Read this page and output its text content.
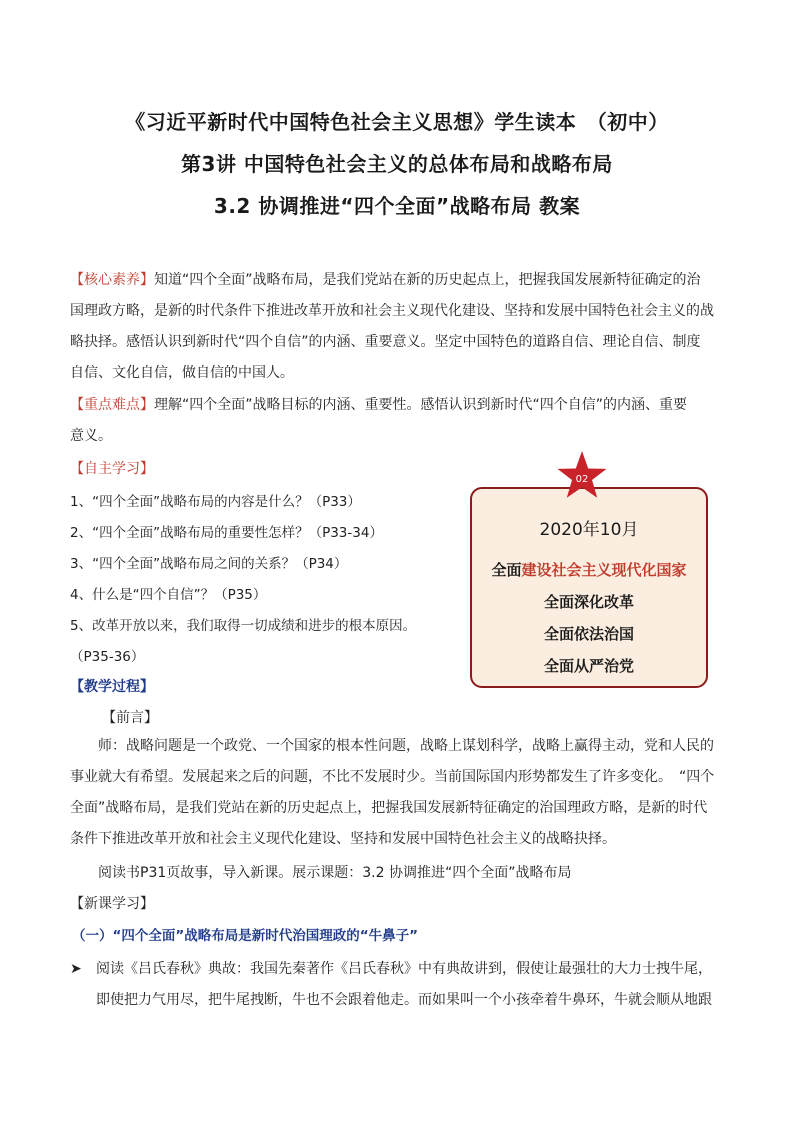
《习近平新时代中国特色社会主义思想》学生读本　（初中）
第3讲 中国特色社会主义的总体布局和战略布局
3.2 协调推进“四个全面”战略布局 教案
【核心素养】知道“四个全面”战略布局，是我们党站在新的历史起点上，把握我国发展新特征确定的治
国理政方略，是新的时代条件下推进改革开放和社会主义现代化建设、坚持和发展中国特色社会主义的战
略抉择。感悟认识到新时代“四个自信”的内涵、重要意义。坚定中国特色的道路自信、理论自信、制度
自信、文化自信，做自信的中国人。
【重点难点】理解“四个全面”战略目标的内涵、重要性。感悟认识到新时代“四个自信”的内涵、重要
意义。
【自主学习】
1、“四个全面”战略布局的内容是什么？（P33）
2、“四个全面”战略布局的重要性怎样？（P33-34）
3、“四个全面”战略布局之间的关系？（P34）
4、什么是“四个自信”？（P35）
5、改革开放以来，我们取得一切成绩和进步的根本原因。
（P35-36）
2020年10月
全面建设社会主义现代化国家
全面深化改革
全面依法治国
全面从严治党
02
【教学过程】
【前言】
师：战略问题是一个政党、一个国家的根本性问题，战略上谋划科学，战略上赢得主动，党和人民的
事业就大有希望。发展起来之后的问题，不比不发展时少。当前国际国内形势都发生了许多变化。　“四个
全面”战略布局，是我们党站在新的历史起点上，把握我国发展新特征确定的治国理政方略，是新的时代
条件下推进改革开放和社会主义现代化建设、坚持和发展中国特色社会主义的战略抉择。
阅读书P31页故事，导入新课。展示课题：3.2 协调推进“四个全面”战略布局
【新课学习】
（一）“四个全面”战略布局是新时代治国理政的“牛鼻子”
➤ 阅读《吕氏春秋》典故：我国先秦著作《吕氏春秋》中有典故讲到，假使让最强壮的大力士拽牛尾，
即使把力气用尽，把牛尾拽断，牛也不会跟着他走。而如果叫一个小孩牵着牛鼻环，牛就会顺从地跟
